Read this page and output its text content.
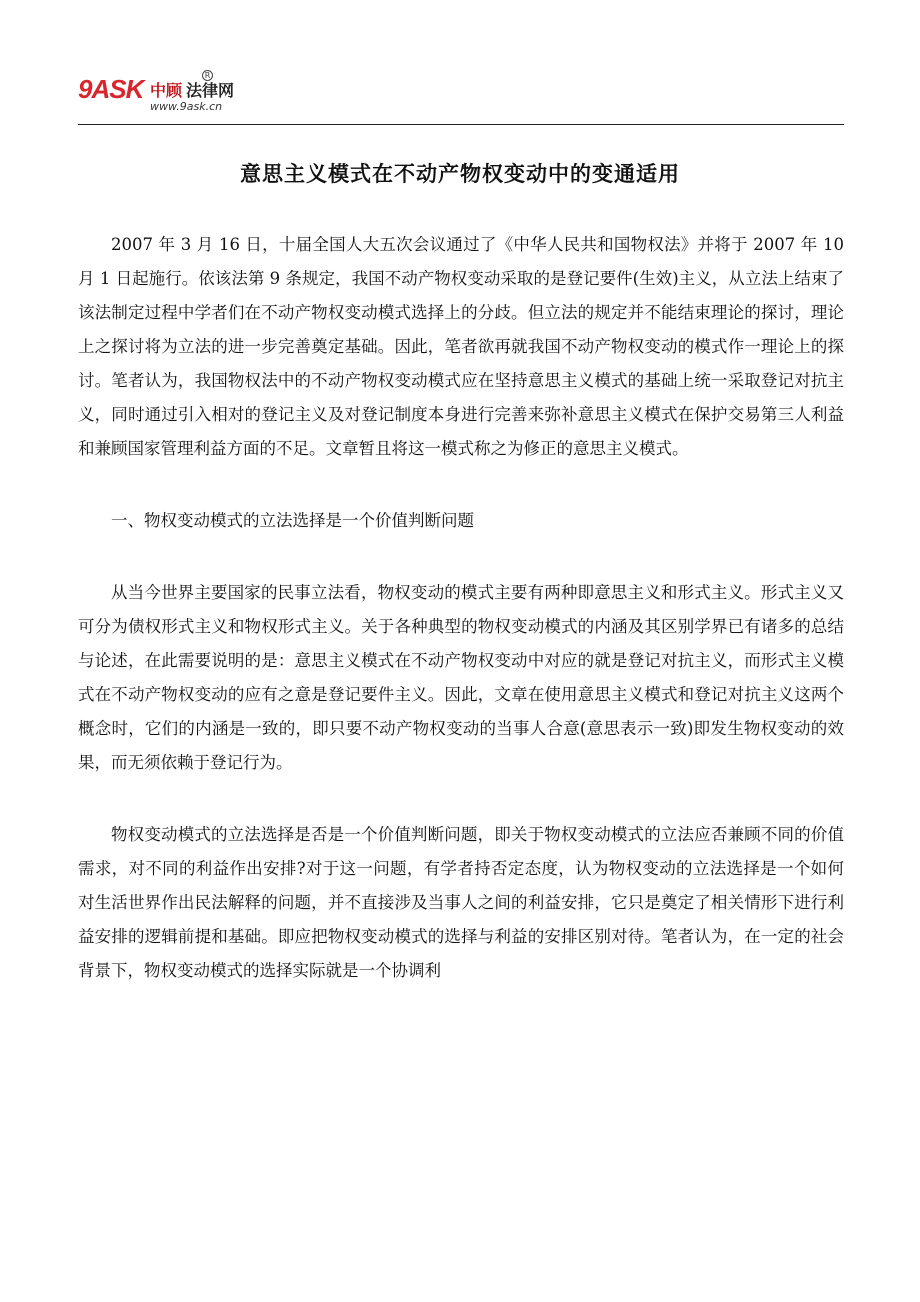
9ASK 中顾 法律网
R
www.9ask.cn
意思主义模式在不动产物权变动中的变通适用

2007 年 3 月 16 日，十届全国人大五次会议通过了《中华人民共和国物权法》并将于 2007 年 10 月 1 日起施行。依该法第 9 条规定，我国不动产物权变动采取的是登记要件(生效)主义，从立法上结束了该法制定过程中学者们在不动产物权变动模式选择上的分歧。但立法的规定并不能结束理论的探讨，理论上之探讨将为立法的进一步完善奠定基础。因此，笔者欲再就我国不动产物权变动的模式作一理论上的探讨。笔者认为，我国物权法中的不动产物权变动模式应在坚持意思主义模式的基础上统一采取登记对抗主义，同时通过引入相对的登记主义及对登记制度本身进行完善来弥补意思主义模式在保护交易第三人利益和兼顾国家管理利益方面的不足。文章暂且将这一模式称之为修正的意思主义模式。

一、物权变动模式的立法选择是一个价值判断问题

从当今世界主要国家的民事立法看，物权变动的模式主要有两种即意思主义和形式主义。形式主义又可分为债权形式主义和物权形式主义。关于各种典型的物权变动模式的内涵及其区别学界已有诸多的总结与论述，在此需要说明的是：意思主义模式在不动产物权变动中对应的就是登记对抗主义，而形式主义模式在不动产物权变动的应有之意是登记要件主义。因此，文章在使用意思主义模式和登记对抗主义这两个概念时，它们的内涵是一致的，即只要不动产物权变动的当事人合意(意思表示一致)即发生物权变动的效果，而无须依赖于登记行为。

物权变动模式的立法选择是否是一个价值判断问题，即关于物权变动模式的立法应否兼顾不同的价值需求，对不同的利益作出安排?对于这一问题，有学者持否定态度，认为物权变动的立法选择是一个如何对生活世界作出民法解释的问题，并不直接涉及当事人之间的利益安排，它只是奠定了相关情形下进行利益安排的逻辑前提和基础。即应把物权变动模式的选择与利益的安排区别对待。笔者认为，在一定的社会背景下，物权变动模式的选择实际就是一个协调利
